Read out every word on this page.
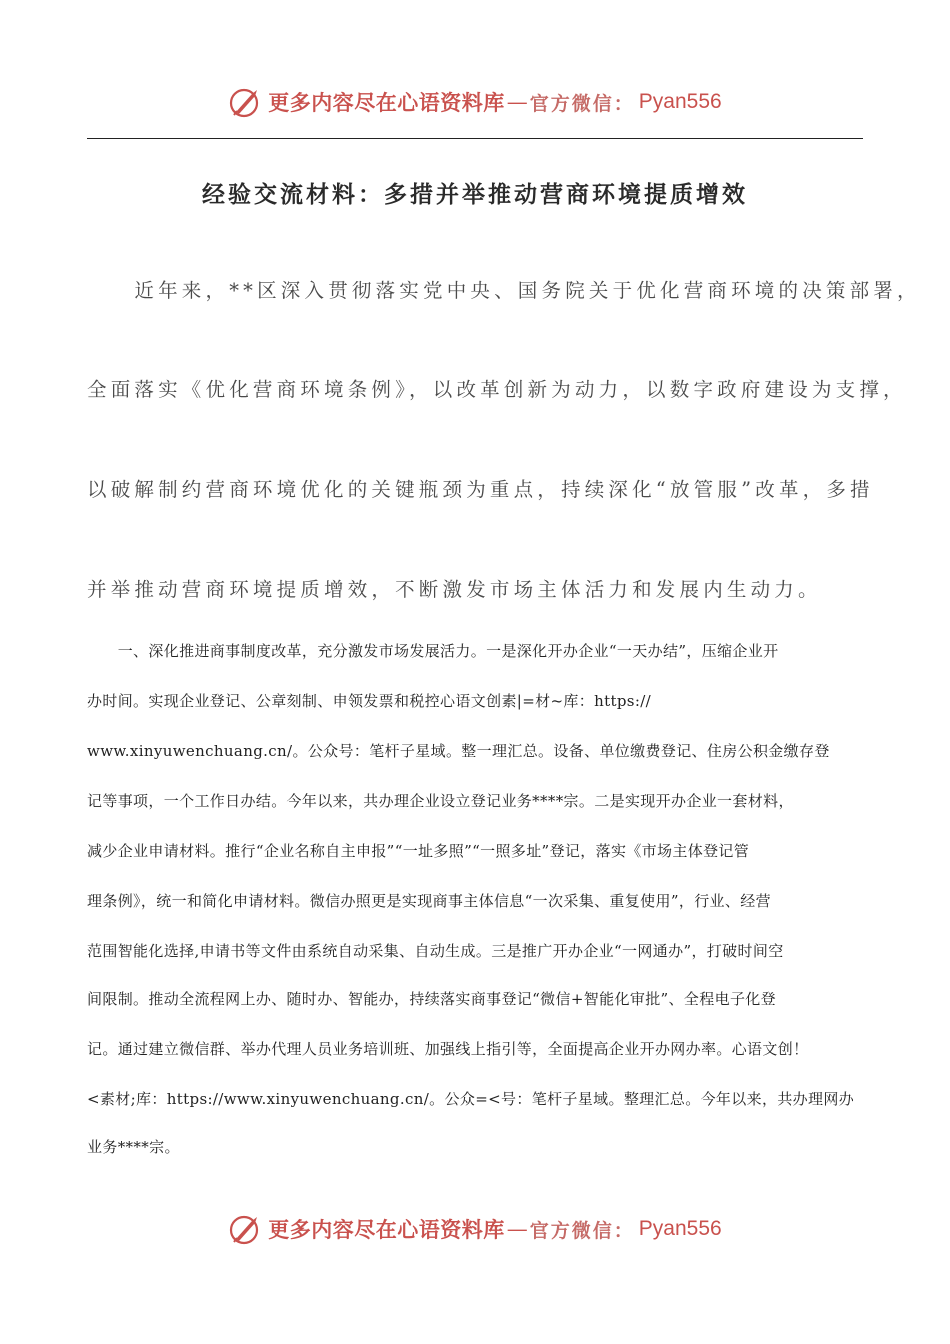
更多内容尽在心语资料库 — 官方微信： Pyan556
经验交流材料：多措并举推动营商环境提质增效
　　近年来，**区深入贯彻落实党中央、国务院关于优化营商环境的决策部署，
全面落实《优化营商环境条例》，以改革创新为动力，以数字政府建设为支撑，
以破解制约营商环境优化的关键瓶颈为重点，持续深化“放管服”改革，多措
并举推动营商环境提质增效，不断激发市场主体活力和发展内生动力。
　　一、深化推进商事制度改革，充分激发市场发展活力。一是深化开办企业“一天办结”，压缩企业开
办时间。实现企业登记、公章刻制、申领发票和税控心语文创素|=材~库：https://
www.xinyuwenchuang.cn/。公众号：笔杆子星域。整一理汇总。设备、单位缴费登记、住房公积金缴存登
记等事项，一个工作日办结。今年以来，共办理企业设立登记业务****宗。二是实现开办企业一套材料，
减少企业申请材料。推行“企业名称自主申报”“一址多照”“一照多址”登记，落实《市场主体登记管
理条例》，统一和简化申请材料。微信办照更是实现商事主体信息“一次采集、重复使用”，行业、经营
范围智能化选择,申请书等文件由系统自动采集、自动生成。三是推广开办企业“一网通办”，打破时间空
间限制。推动全流程网上办、随时办、智能办，持续落实商事登记“微信+智能化审批”、全程电子化登
记。通过建立微信群、举办代理人员业务培训班、加强线上指引等，全面提高企业开办网办率。心语文创！
<素材;库：https://www.xinyuwenchuang.cn/。公众=<号：笔杆子星域。整理汇总。今年以来，共办理网办
业务****宗。
更多内容尽在心语资料库 — 官方微信： Pyan556
